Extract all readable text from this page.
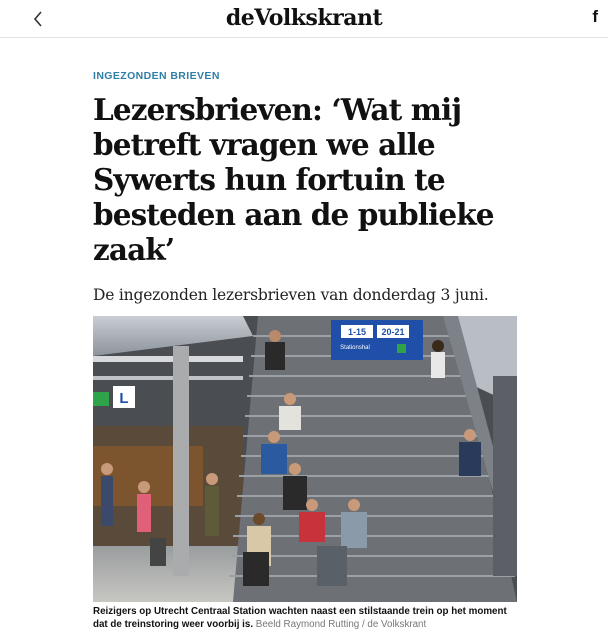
deVolkskrant	f
INGEZONDEN BRIEVEN
Lezersbrieven: ‘Wat mij betreft vragen we alle Sywerts hun fortuin te besteden aan de publieke zaak’

De ingezonden lezersbrieven van donderdag 3 juni.

1-15 20-21
Stationshal
L
Reizigers op Utrecht Centraal Station wachten naast een stilstaande trein op het moment dat de treinstoring weer voorbij is. Beeld Raymond Rutting / de Volkskrant
